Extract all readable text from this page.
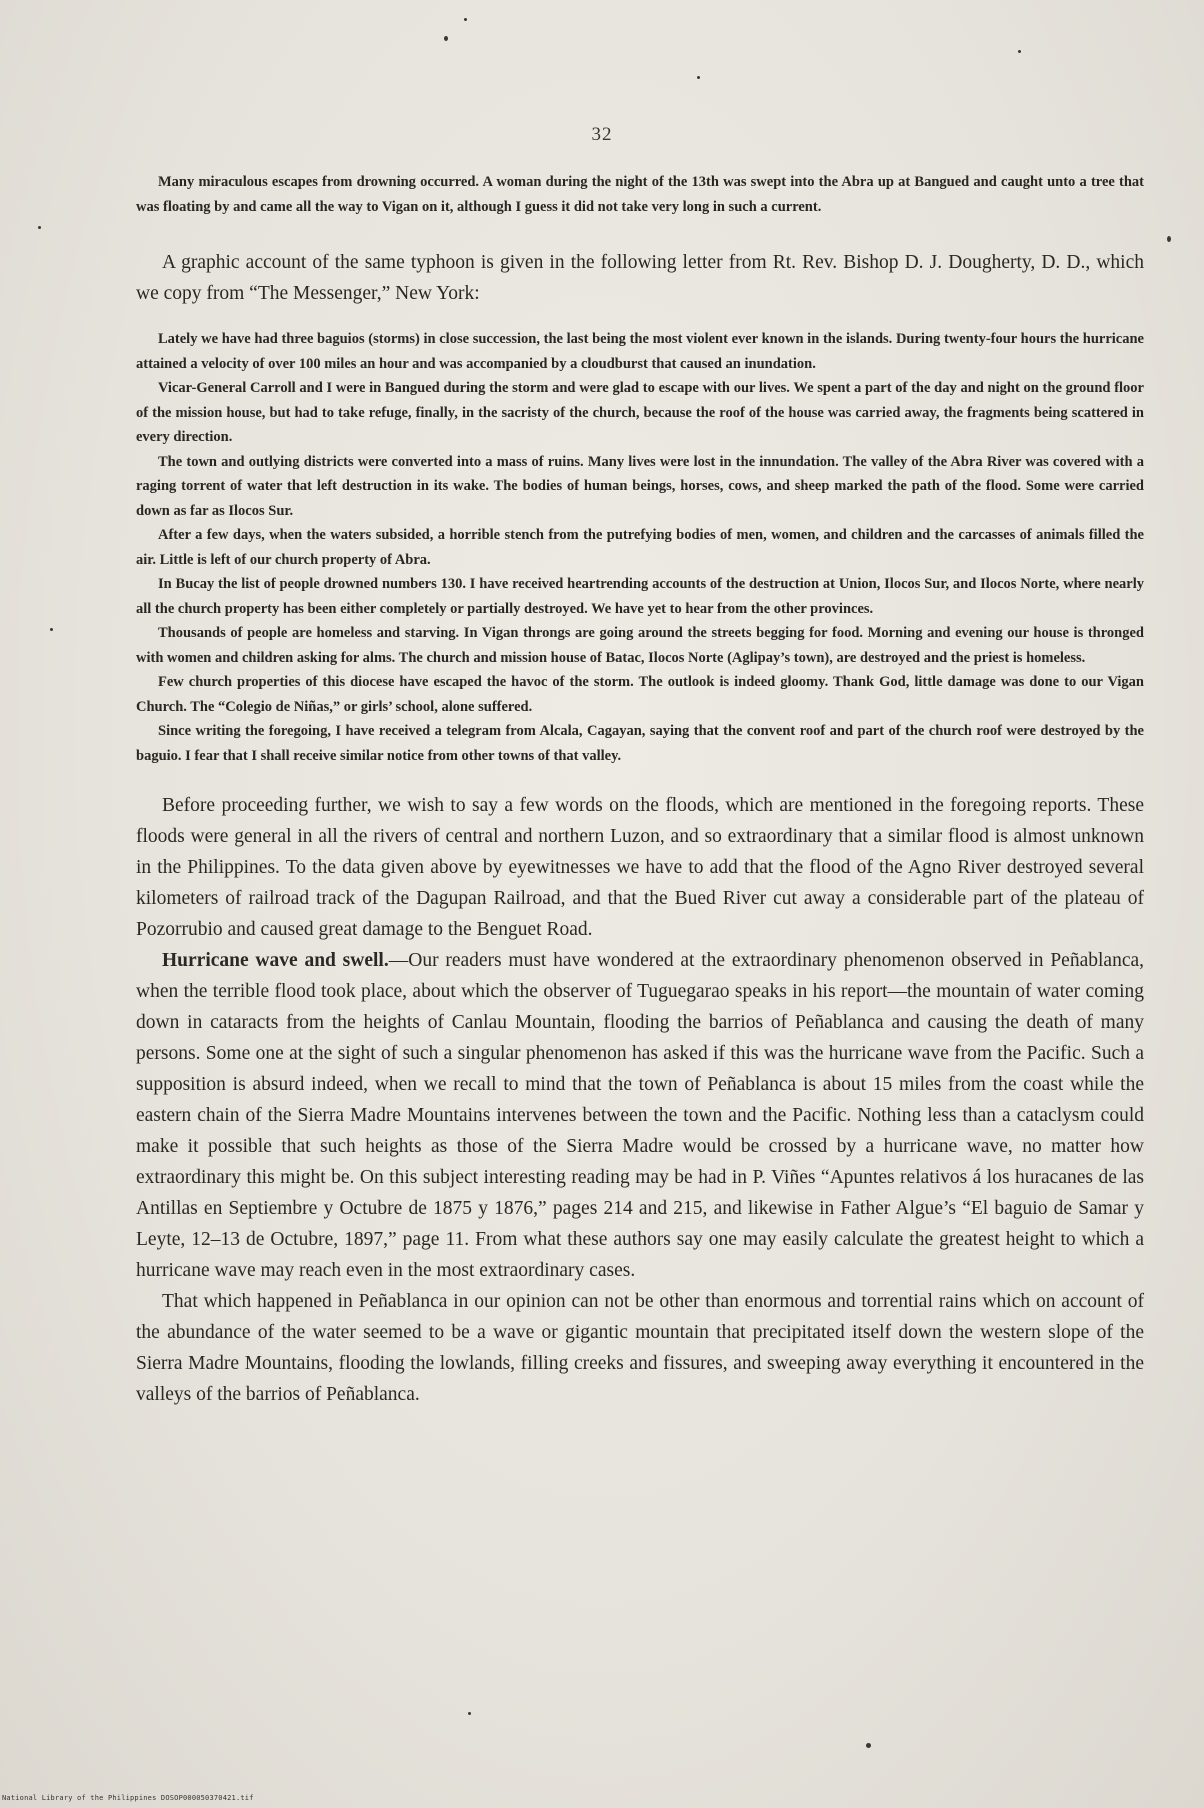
32

Many miraculous escapes from drowning occurred. A woman during the night of the 13th was swept into the Abra up at Bangued and caught unto a tree that was floating by and came all the way to Vigan on it, although I guess it did not take very long in such a current.

A graphic account of the same typhoon is given in the following letter from Rt. Rev. Bishop D. J. Dougherty, D. D., which we copy from “The Messenger,” New York:

Lately we have had three baguios (storms) in close succession, the last being the most violent ever known in the islands. During twenty-four hours the hurricane attained a velocity of over 100 miles an hour and was accompanied by a cloudburst that caused an inundation.

Vicar-General Carroll and I were in Bangued during the storm and were glad to escape with our lives. We spent a part of the day and night on the ground floor of the mission house, but had to take refuge, finally, in the sacristy of the church, because the roof of the house was carried away, the fragments being scattered in every direction.

The town and outlying districts were converted into a mass of ruins. Many lives were lost in the innundation. The valley of the Abra River was covered with a raging torrent of water that left destruction in its wake. The bodies of human beings, horses, cows, and sheep marked the path of the flood. Some were carried down as far as Ilocos Sur.

After a few days, when the waters subsided, a horrible stench from the putrefying bodies of men, women, and children and the carcasses of animals filled the air. Little is left of our church property of Abra.

In Bucay the list of people drowned numbers 130. I have received heartrending accounts of the destruction at Union, Ilocos Sur, and Ilocos Norte, where nearly all the church property has been either completely or partially destroyed. We have yet to hear from the other provinces.

Thousands of people are homeless and starving. In Vigan throngs are going around the streets begging for food. Morning and evening our house is thronged with women and children asking for alms. The church and mission house of Batac, Ilocos Norte (Aglipay’s town), are destroyed and the priest is homeless.

Few church properties of this diocese have escaped the havoc of the storm. The outlook is indeed gloomy. Thank God, little damage was done to our Vigan Church. The “Colegio de Niñas,” or girls’ school, alone suffered.

Since writing the foregoing, I have received a telegram from Alcala, Cagayan, saying that the convent roof and part of the church roof were destroyed by the baguio. I fear that I shall receive similar notice from other towns of that valley.

Before proceeding further, we wish to say a few words on the floods, which are mentioned in the foregoing reports. These floods were general in all the rivers of central and northern Luzon, and so extraordinary that a similar flood is almost unknown in the Philippines. To the data given above by eyewitnesses we have to add that the flood of the Agno River destroyed several kilometers of railroad track of the Dagupan Railroad, and that the Bued River cut away a considerable part of the plateau of Pozorrubio and caused great damage to the Benguet Road.

Hurricane wave and swell.—Our readers must have wondered at the extraordinary phenomenon observed in Peñablanca, when the terrible flood took place, about which the observer of Tuguegarao speaks in his report—the mountain of water coming down in cataracts from the heights of Canlau Mountain, flooding the barrios of Peñablanca and causing the death of many persons. Some one at the sight of such a singular phenomenon has asked if this was the hurricane wave from the Pacific. Such a supposition is absurd indeed, when we recall to mind that the town of Peñablanca is about 15 miles from the coast while the eastern chain of the Sierra Madre Mountains intervenes between the town and the Pacific. Nothing less than a cataclysm could make it possible that such heights as those of the Sierra Madre would be crossed by a hurricane wave, no matter how extraordinary this might be. On this subject interesting reading may be had in P. Viñes “Apuntes relativos á los huracanes de las Antillas en Septiembre y Octubre de 1875 y 1876,” pages 214 and 215, and likewise in Father Algue’s “El baguio de Samar y Leyte, 12–13 de Octubre, 1897,” page 11. From what these authors say one may easily calculate the greatest height to which a hurricane wave may reach even in the most extraordinary cases.

That which happened in Peñablanca in our opinion can not be other than enormous and torrential rains which on account of the abundance of the water seemed to be a wave or gigantic mountain that precipitated itself down the western slope of the Sierra Madre Mountains, flooding the lowlands, filling creeks and fissures, and sweeping away everything it encountered in the valleys of the barrios of Peñablanca.

National Library of the Philippines DOSOP000050370421.tif
